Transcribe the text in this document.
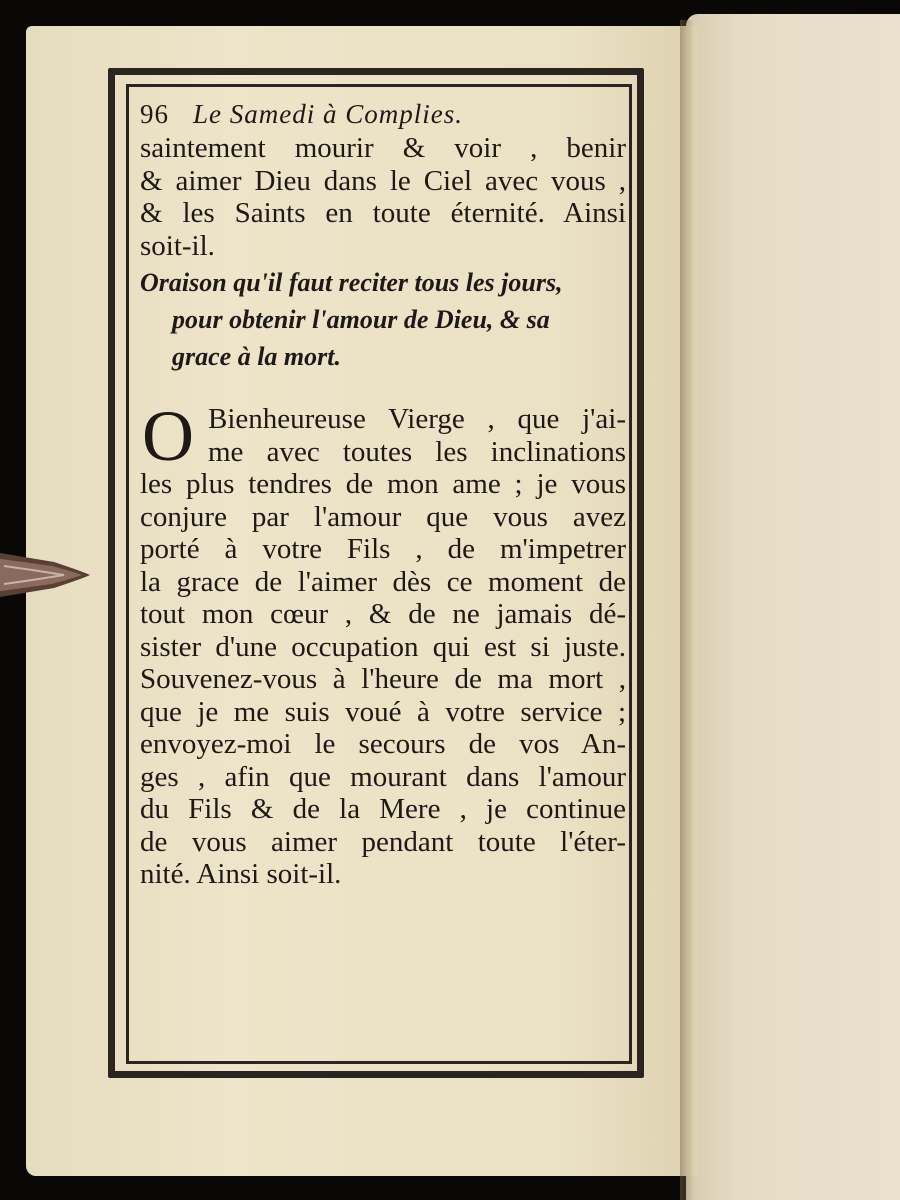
96 Le Samedi à Complies.
saintement mourir & voir , benir
& aimer Dieu dans le Ciel avec vous ,
& les Saints en toute éternité. Ainsi
soit-il.
Oraison qu'il faut reciter tous les jours,
pour obtenir l'amour de Dieu, & sa
grace à la mort.
O Bienheureuse Vierge , que j'ai-
me avec toutes les inclinations
les plus tendres de mon ame ; je vous
conjure par l'amour que vous avez
porté à votre Fils , de m'impetrer
la grace de l'aimer dès ce moment de
tout mon cœur , & de ne jamais dé-
sister d'une occupation qui est si juste.
Souvenez-vous à l'heure de ma mort ,
que je me suis voué à votre service ;
envoyez-moi le secours de vos An-
ges , afin que mourant dans l'amour
du Fils & de la Mere , je continue
de vous aimer pendant toute l'éter-
nité. Ainsi soit-il.
